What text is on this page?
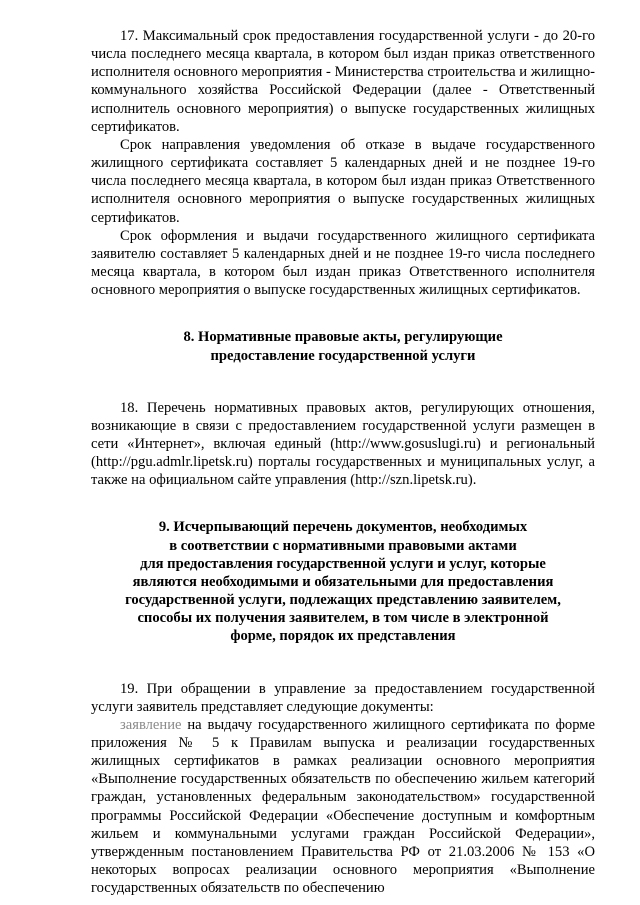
17. Максимальный срок предоставления государственной услуги - до 20-го числа последнего месяца квартала, в котором был издан приказ ответственного исполнителя основного мероприятия - Министерства строительства и жилищно-коммунального хозяйства Российской Федерации (далее - Ответственный исполнитель основного мероприятия) о выпуске государственных жилищных сертификатов.

Срок направления уведомления об отказе в выдаче государственного жилищного сертификата составляет 5 календарных дней и не позднее 19-го числа последнего месяца квартала, в котором был издан приказ Ответственного исполнителя основного мероприятия о выпуске государственных жилищных сертификатов.

Срок оформления и выдачи государственного жилищного сертификата заявителю составляет 5 календарных дней и не позднее 19-го числа последнего месяца квартала, в котором был издан приказ Ответственного исполнителя основного мероприятия о выпуске государственных жилищных сертификатов.

8. Нормативные правовые акты, регулирующие
предоставление государственной услуги

18. Перечень нормативных правовых актов, регулирующих отношения, возникающие в связи с предоставлением государственной услуги размещен в сети «Интернет», включая единый (http://www.gosuslugi.ru) и региональный (http://pgu.admlr.lipetsk.ru) порталы государственных и муниципальных услуг, а также на официальном сайте управления (http://szn.lipetsk.ru).

9. Исчерпывающий перечень документов, необходимых
в соответствии с нормативными правовыми актами
для предоставления государственной услуги и услуг, которые
являются необходимыми и обязательными для предоставления
государственной услуги, подлежащих представлению заявителем,
способы их получения заявителем, в том числе в электронной
форме, порядок их представления

19. При обращении в управление за предоставлением государственной услуги заявитель представляет следующие документы:

заявление на выдачу государственного жилищного сертификата по форме приложения № 5 к Правилам выпуска и реализации государственных жилищных сертификатов в рамках реализации основного мероприятия «Выполнение государственных обязательств по обеспечению жильем категорий граждан, установленных федеральным законодательством» государственной программы Российской Федерации «Обеспечение доступным и комфортным жильем и коммунальными услугами граждан Российской Федерации», утвержденным постановлением Правительства РФ от 21.03.2006 № 153 «О некоторых вопросах реализации основного мероприятия «Выполнение государственных обязательств по обеспечению
